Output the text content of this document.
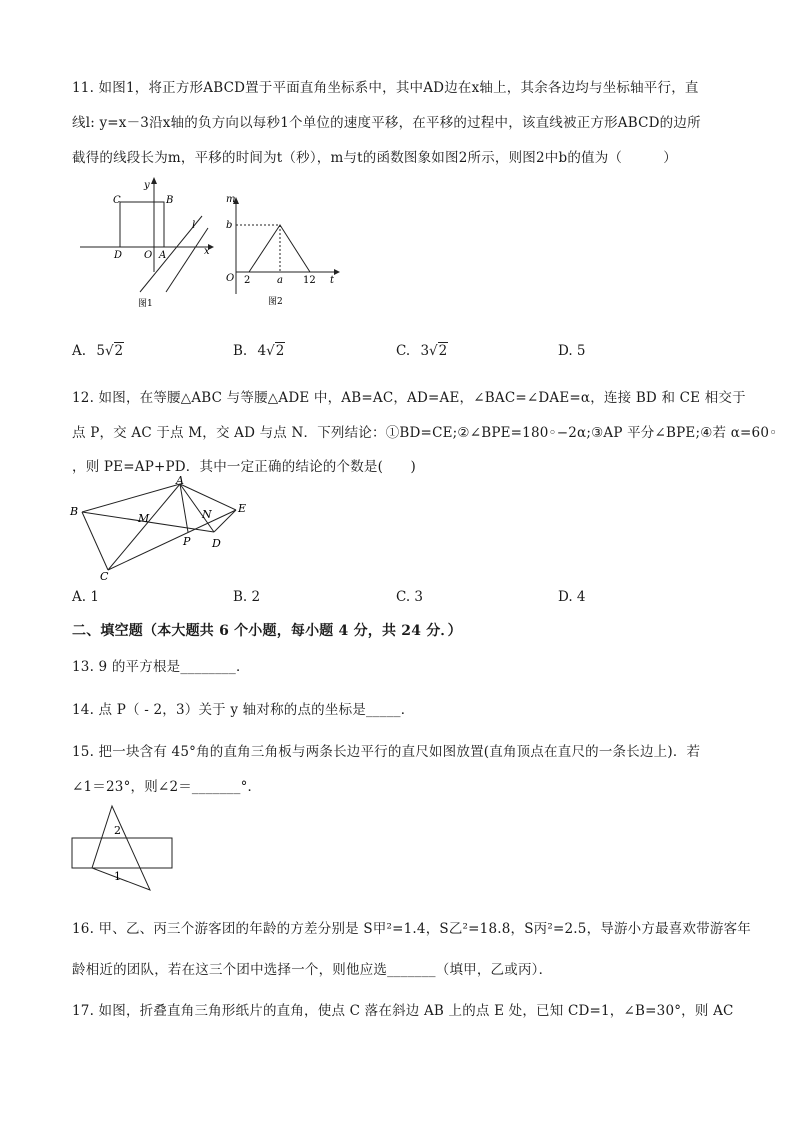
11. 如图1，将正方形ABCD置于平面直角坐标系中，其中AD边在x轴上，其余各边均与坐标轴平行，直
线l: y=x－3沿x轴的负方向以每秒1个单位的速度平移，在平移的过程中，该直线被正方形ABCD的边所
截得的线段长为m，平移的时间为t（秒），m与t的函数图象如图2所示，则图2中b的值为（　　　）
C	B
D O A
y
x
l
图1
m
b
O 2	a 12 t
图2
A. 5√2	B. 4√2	C. 3√2	D. 5
12. 如图，在等腰△ABC 与等腰△ADE 中，AB=AC，AD=AE，∠BAC=∠DAE=α，连接 BD 和 CE 相交于
点 P，交 AC 于点 M，交 AD 与点 N．下列结论：①BD=CE;②∠BPE=180◦−2α;③AP 平分∠BPE;④若 α=60◦
，则 PE=AP+PD．其中一定正确的结论的个数是(　　)
A
B
C
D
E
M	N
P
A. 1	B. 2	C. 3	D. 4
二、填空题（本大题共 6 个小题，每小题 4 分，共 24 分．）
13. 9 的平方根是________．
14. 点 P（ - 2，3）关于 y 轴对称的点的坐标是_____．
15. 把一块含有 45°角的直角三角板与两条长边平行的直尺如图放置(直角顶点在直尺的一条长边上)．若
∠1＝23°，则∠2＝_______°．
2
1
16. 甲、乙、丙三个游客团的年龄的方差分别是 S甲²=1.4，S乙²=18.8，S丙²=2.5，导游小方最喜欢带游客年
龄相近的团队，若在这三个团中选择一个，则他应选_______（填甲，乙或丙）．
17. 如图，折叠直角三角形纸片的直角，使点 C 落在斜边 AB 上的点 E 处，已知 CD=1，∠B=30°，则 AC
